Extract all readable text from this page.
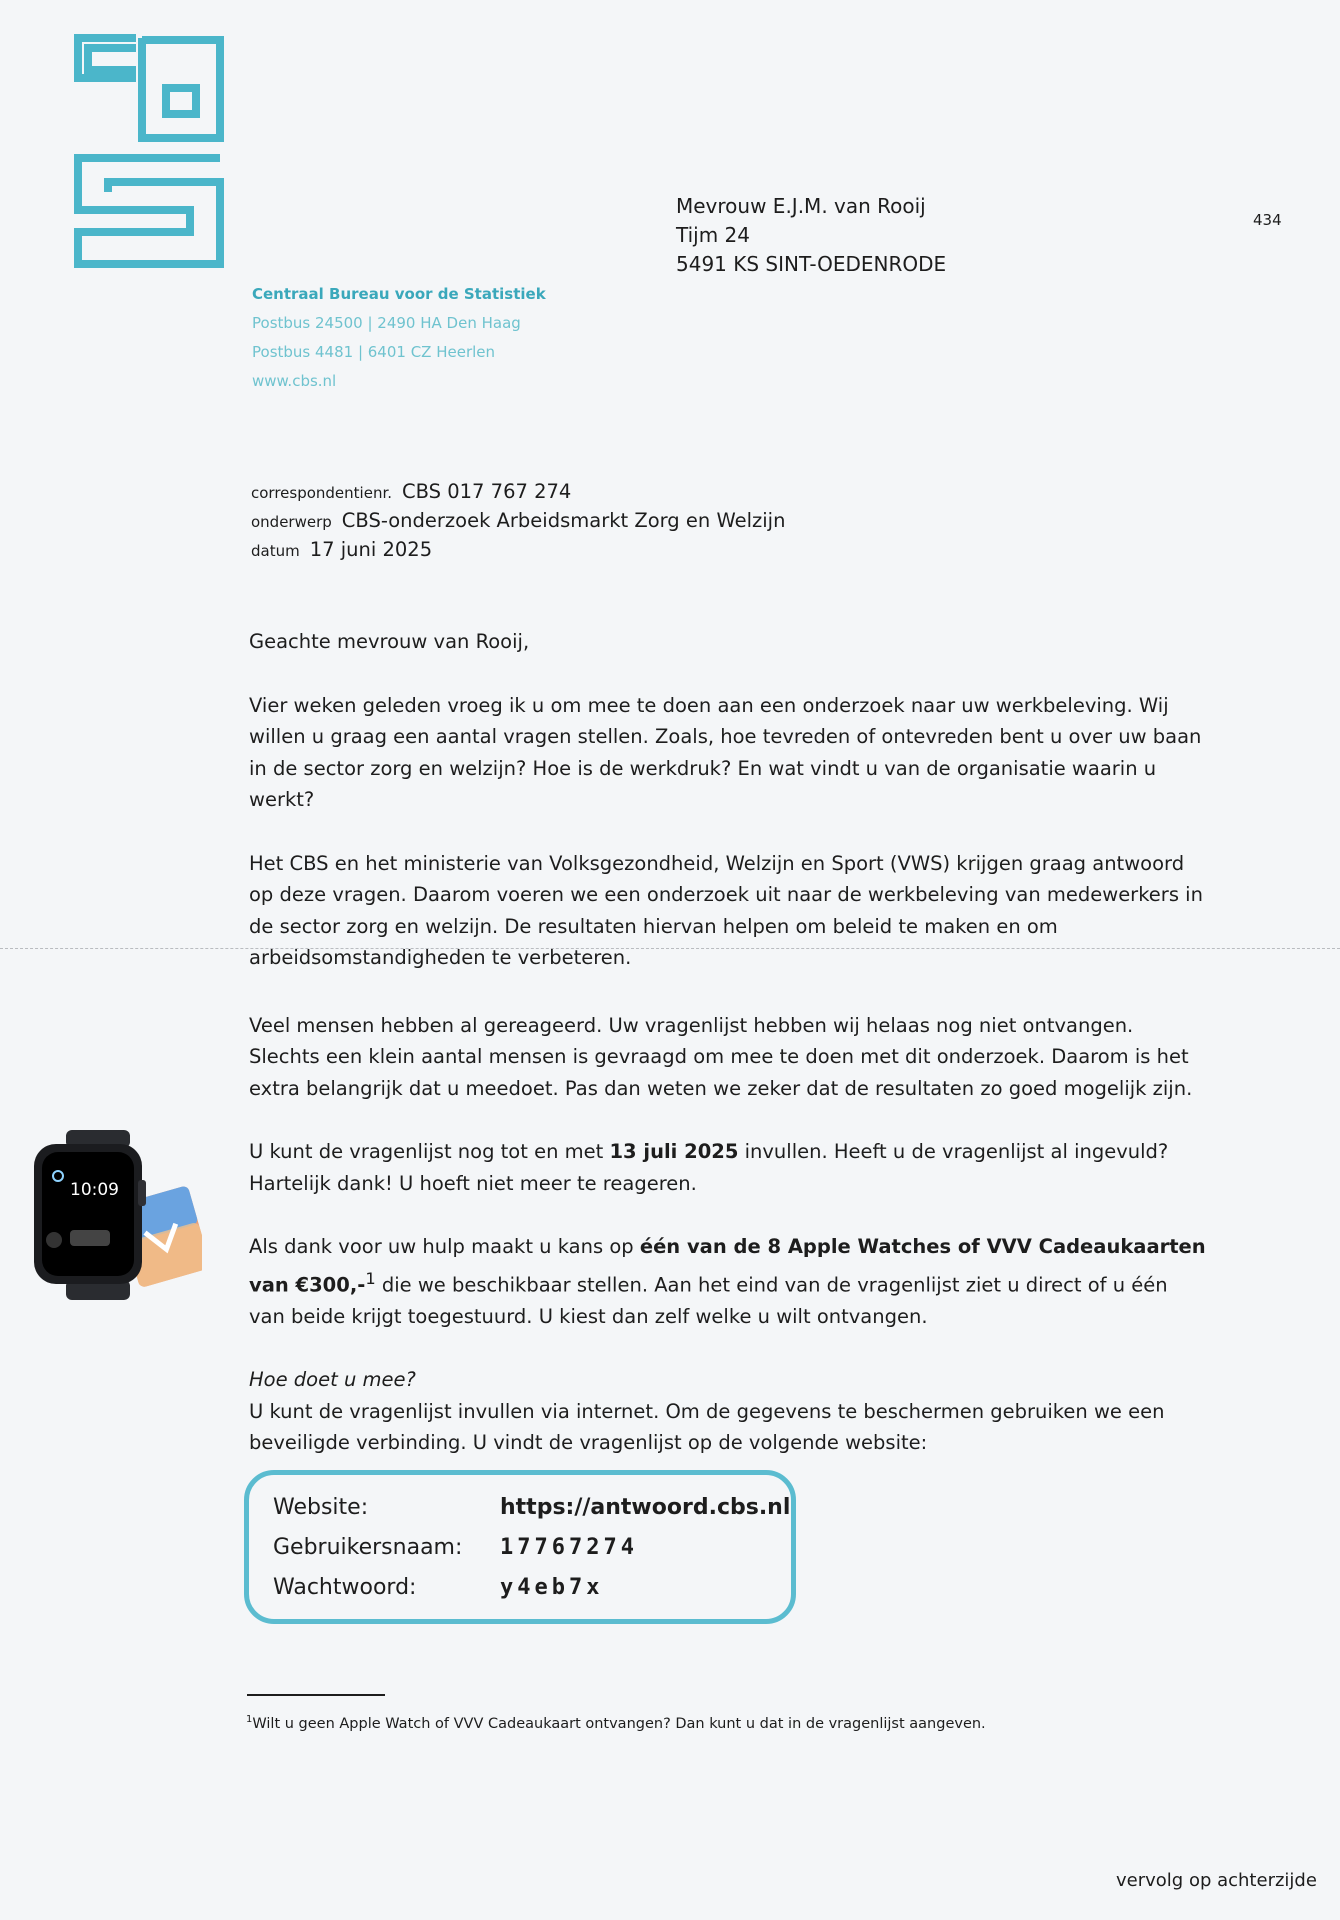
Centraal Bureau voor de Statistiek
Postbus 24500 | 2490 HA Den Haag
Postbus 4481 | 6401 CZ Heerlen
www.cbs.nl
Mevrouw E.J.M. van Rooij
Tijm 24
5491 KS SINT-OEDENRODE
434
correspondentienr. CBS 017 767 274
onderwerp CBS-onderzoek Arbeidsmarkt Zorg en Welzijn
datum 17 juni 2025

Geachte mevrouw van Rooij,

Vier weken geleden vroeg ik u om mee te doen aan een onderzoek naar uw werkbeleving. Wij willen u graag een aantal vragen stellen. Zoals, hoe tevreden of ontevreden bent u over uw baan in de sector zorg en welzijn? Hoe is de werkdruk? En wat vindt u van de organisatie waarin u werkt?

Het CBS en het ministerie van Volksgezondheid, Welzijn en Sport (VWS) krijgen graag antwoord op deze vragen. Daarom voeren we een onderzoek uit naar de werkbeleving van medewerkers in de sector zorg en welzijn. De resultaten hiervan helpen om beleid te maken en om arbeidsomstandigheden te verbeteren.

Veel mensen hebben al gereageerd. Uw vragenlijst hebben wij helaas nog niet ontvangen. Slechts een klein aantal mensen is gevraagd om mee te doen met dit onderzoek. Daarom is het extra belangrijk dat u meedoet. Pas dan weten we zeker dat de resultaten zo goed mogelijk zijn.

U kunt de vragenlijst nog tot en met 13 juli 2025 invullen. Heeft u de vragenlijst al ingevuld? Hartelijk dank! U hoeft niet meer te reageren.

Als dank voor uw hulp maakt u kans op één van de 8 Apple Watches of VVV Cadeaukaarten van €300,-$^1$ die we beschikbaar stellen. Aan het eind van de vragenlijst ziet u direct of u één van beide krijgt toegestuurd. U kiest dan zelf welke u wilt ontvangen.

Hoe doet u mee?

U kunt de vragenlijst invullen via internet. Om de gegevens te beschermen gebruiken we een beveiligde verbinding. U vindt de vragenlijst op de volgende website:

10:09
Website:	https://antwoord.cbs.nl
Gebruikersnaam: 17767274
Wachtwoord:	y4eb7x
$^1$Wilt u geen Apple Watch of VVV Cadeaukaart ontvangen? Dan kunt u dat in de vragenlijst aangeven.
vervolg op achterzijde
